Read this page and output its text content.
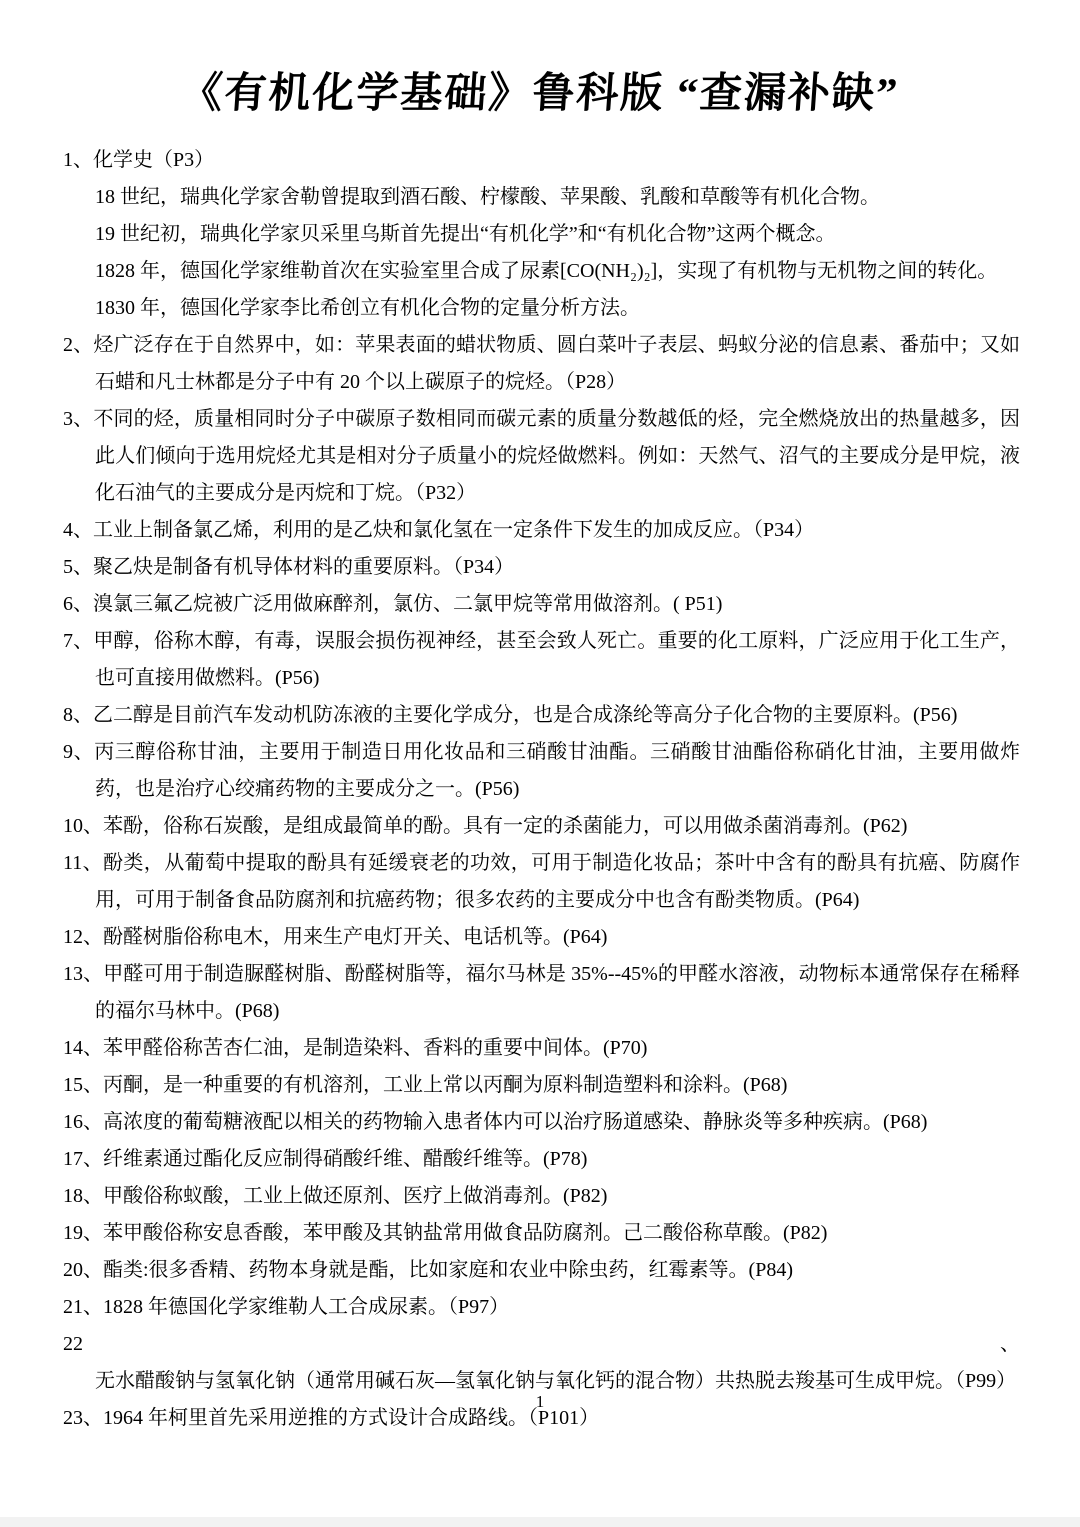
《有机化学基础》鲁科版 “查漏补缺”
1、化学史（P3）
18 世纪，瑞典化学家舍勒曾提取到酒石酸、柠檬酸、苹果酸、乳酸和草酸等有机化合物。
19 世纪初，瑞典化学家贝采里乌斯首先提出“有机化学”和“有机化合物”这两个概念。
1828 年，德国化学家维勒首次在实验室里合成了尿素[CO(NH₂)₂]，实现了有机物与无机物之间的转化。
1830 年，德国化学家李比希创立有机化合物的定量分析方法。
2、烃广泛存在于自然界中，如：苹果表面的蜡状物质、圆白菜叶子表层、蚂蚁分泌的信息素、番茄中；又如石蜡和凡士林都是分子中有 20 个以上碳原子的烷烃。（P28）
3、不同的烃，质量相同时分子中碳原子数相同而碳元素的质量分数越低的烃，完全燃烧放出的热量越多，因此人们倾向于选用烷烃尤其是相对分子质量小的烷烃做燃料。例如：天然气、沼气的主要成分是甲烷，液化石油气的主要成分是丙烷和丁烷。（P32）
4、工业上制备氯乙烯，利用的是乙炔和氯化氢在一定条件下发生的加成反应。（P34）
5、聚乙炔是制备有机导体材料的重要原料。（P34）
6、溴氯三氟乙烷被广泛用做麻醉剂，氯仿、二氯甲烷等常用做溶剂。( P51)
7、甲醇，俗称木醇，有毒，误服会损伤视神经，甚至会致人死亡。重要的化工原料，广泛应用于化工生产，也可直接用做燃料。(P56)
8、乙二醇是目前汽车发动机防冻液的主要化学成分，也是合成涤纶等高分子化合物的主要原料。(P56)
9、丙三醇俗称甘油，主要用于制造日用化妆品和三硝酸甘油酯。三硝酸甘油酯俗称硝化甘油，主要用做炸药，也是治疗心绞痛药物的主要成分之一。(P56)
10、苯酚，俗称石炭酸，是组成最简单的酚。具有一定的杀菌能力，可以用做杀菌消毒剂。(P62)
11、酚类，从葡萄中提取的酚具有延缓衰老的功效，可用于制造化妆品；茶叶中含有的酚具有抗癌、防腐作用，可用于制备食品防腐剂和抗癌药物；很多农药的主要成分中也含有酚类物质。(P64)
12、酚醛树脂俗称电木，用来生产电灯开关、电话机等。(P64)
13、甲醛可用于制造脲醛树脂、酚醛树脂等，福尔马林是 35%--45%的甲醛水溶液，动物标本通常保存在稀释的福尔马林中。(P68)
14、苯甲醛俗称苦杏仁油，是制造染料、香料的重要中间体。(P70)
15、丙酮，是一种重要的有机溶剂，工业上常以丙酮为原料制造塑料和涂料。(P68)
16、高浓度的葡萄糖液配以相关的药物输入患者体内可以治疗肠道感染、静脉炎等多种疾病。(P68)
17、纤维素通过酯化反应制得硝酸纤维、醋酸纤维等。(P78)
18、甲酸俗称蚁酸，工业上做还原剂、医疗上做消毒剂。(P82)
19、苯甲酸俗称安息香酸，苯甲酸及其钠盐常用做食品防腐剂。己二酸俗称草酸。(P82)
20、酯类:很多香精、药物本身就是酯，比如家庭和农业中除虫药，红霉素等。(P84)
21、1828 年德国化学家维勒人工合成尿素。（P97）
22、无水醋酸钠与氢氧化钠（通常用碱石灰—氢氧化钠与氧化钙的混合物）共热脱去羧基可生成甲烷。（P99）
23、1964 年柯里首先采用逆推的方式设计合成路线。（P101）
1
